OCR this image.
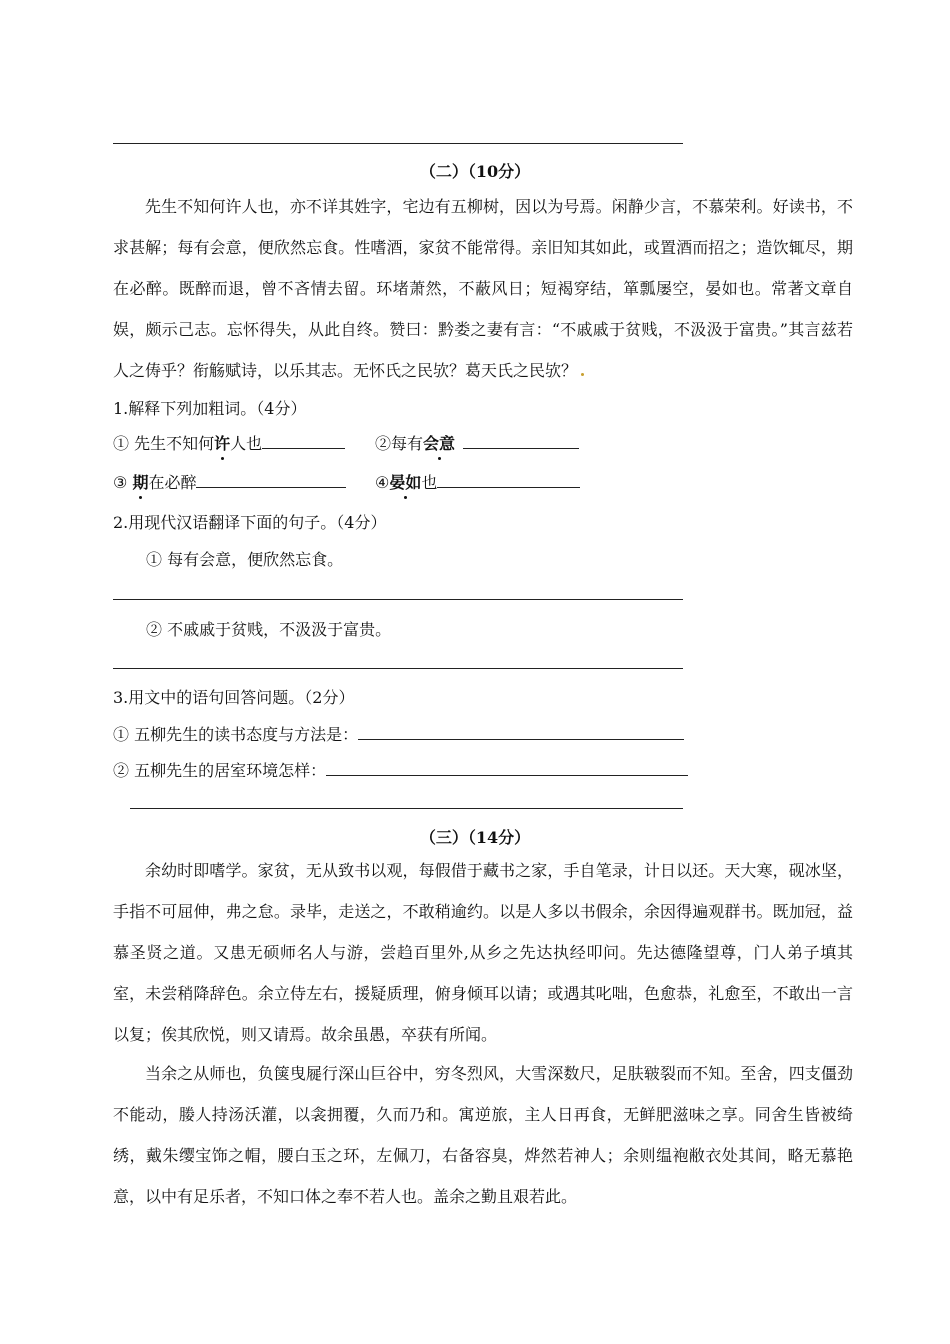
（二）（10分）
先生不知何许人也，亦不详其姓字，宅边有五柳树，因以为号焉。闲静少言，不慕荣利。好读书，不求甚解；每有会意，便欣然忘食。性嗜酒，家贫不能常得。亲旧知其如此，或置酒而招之；造饮辄尽，期在必醉。既醉而退，曾不吝情去留。环堵萧然，不蔽风日；短褐穿结，箪瓢屡空，晏如也。常著文章自娱，颇示己志。忘怀得失，从此自终。赞曰：黔娄之妻有言：“不戚戚于贫贱，不汲汲于富贵。”其言兹若人之俦乎？衔觞赋诗，以乐其志。无怀氏之民欤？葛天氏之民欤？
1.解释下列加粗词。（4分）
① 先生不知何许人也	②每有会意
③ 期在必醉	④晏如也
2.用现代汉语翻译下面的句子。（4分）
① 每有会意，便欣然忘食。
② 不戚戚于贫贱，不汲汲于富贵。
3.用文中的语句回答问题。（2分）
① 五柳先生的读书态度与方法是：
② 五柳先生的居室环境怎样：
（三）（14分）
余幼时即嗜学。家贫，无从致书以观，每假借于藏书之家，手自笔录，计日以还。天大寒，砚冰坚，手指不可屈伸，弗之怠。录毕，走送之，不敢稍逾约。以是人多以书假余，余因得遍观群书。既加冠，益慕圣贤之道。又患无硕师名人与游，尝趋百里外,从乡之先达执经叩问。先达德隆望尊，门人弟子填其室，未尝稍降辞色。余立侍左右，援疑质理，俯身倾耳以请；或遇其叱咄，色愈恭，礼愈至，不敢出一言以复；俟其欣悦，则又请焉。故余虽愚，卒获有所闻。
当余之从师也，负箧曳屣行深山巨谷中，穷冬烈风，大雪深数尺，足肤皲裂而不知。至舍，四支僵劲不能动，媵人持汤沃灌，以衾拥覆，久而乃和。寓逆旅，主人日再食，无鲜肥滋味之享。同舍生皆被绮绣，戴朱缨宝饰之帽，腰白玉之环，左佩刀，右备容臭，烨然若神人；余则缊袍敝衣处其间，略无慕艳意，以中有足乐者，不知口体之奉不若人也。盖余之勤且艰若此。
